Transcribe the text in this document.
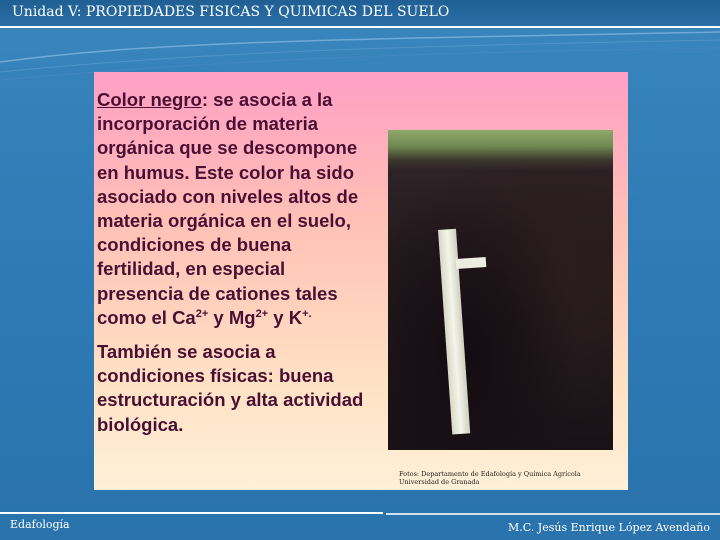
Unidad V: PROPIEDADES FISICAS Y QUIMICAS DEL SUELO

Color negro: se asocia a la incorporación de materia orgánica que se descompone en humus. Este color ha sido asociado con niveles altos de materia orgánica en el suelo, condiciones de buena fertilidad, en especial presencia de cationes tales como el $Ca^{2+}$ y $Mg^{2+}$ y K+.

También se asocia a condiciones físicas: buena estructuración y alta actividad biológica.

Fotos: Departamento de Edafología y Química Agrícola
Universidad de Granada
Edafología	M.C. Jesús Enrique López Avendaño
